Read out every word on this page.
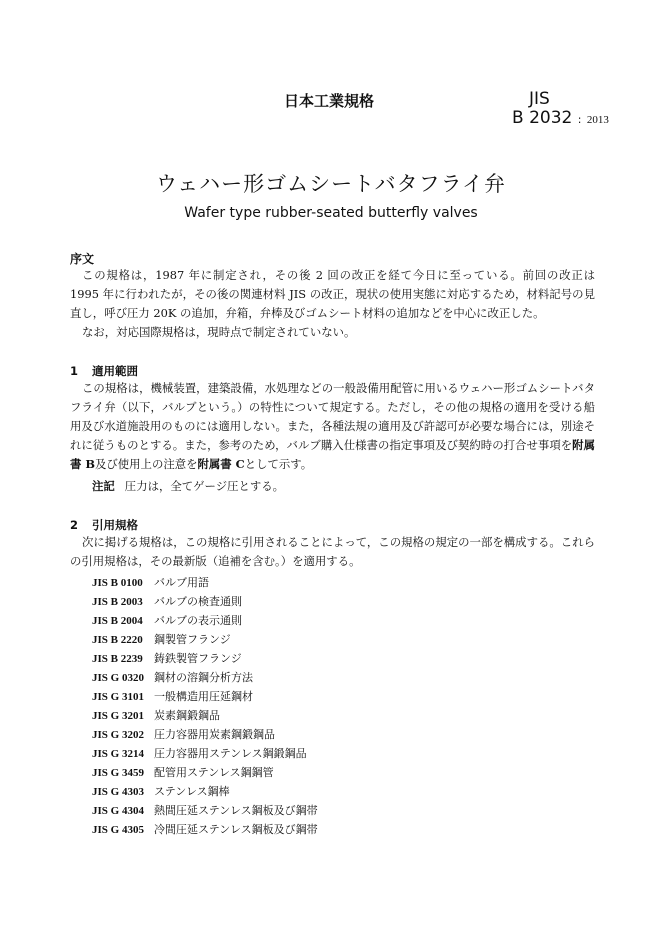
日本工業規格	JIS
B 2032 : 2013
ウェハー形ゴムシートバタフライ弁
Wafer type rubber-seated butterfly valves
序文

この規格は，1987 年に制定され，その後 2 回の改正を経て今日に至っている。前回の改正は 1995 年に行われたが，その後の関連材料 JIS の改正，現状の使用実態に対応するため，材料記号の見直し，呼び圧力 20K の追加，弁箱，弁棒及びゴムシート材料の追加などを中心に改正した。

なお，対応国際規格は，現時点で制定されていない。

1 適用範囲

この規格は，機械装置，建築設備，水処理などの一般設備用配管に用いるウェハー形ゴムシートバタフライ弁（以下，バルブという。）の特性について規定する。ただし，その他の規格の適用を受ける船用及び水道施設用のものには適用しない。また，各種法規の適用及び許認可が必要な場合には，別途それに従うものとする。また，参考のため，バルブ購入仕様書の指定事項及び契約時の打合せ事項を附属書 B及び使用上の注意を附属書 Cとして示す。

注記 圧力は，全てゲージ圧とする。
2 引用規格

次に掲げる規格は，この規格に引用されることによって，この規格の規定の一部を構成する。これらの引用規格は，その最新版（追補を含む。）を適用する。

JIS B 0100 バルブ用語
JIS B 2003 バルブの検査通則
JIS B 2004 バルブの表示通則
JIS B 2220 鋼製管フランジ
JIS B 2239 鋳鉄製管フランジ
JIS G 0320 鋼材の溶鋼分析方法
JIS G 3101 一般構造用圧延鋼材
JIS G 3201 炭素鋼鍛鋼品
JIS G 3202 圧力容器用炭素鋼鍛鋼品
JIS G 3214 圧力容器用ステンレス鋼鍛鋼品
JIS G 3459 配管用ステンレス鋼鋼管
JIS G 4303 ステンレス鋼棒
JIS G 4304 熱間圧延ステンレス鋼板及び鋼帯
JIS G 4305 冷間圧延ステンレス鋼板及び鋼帯
